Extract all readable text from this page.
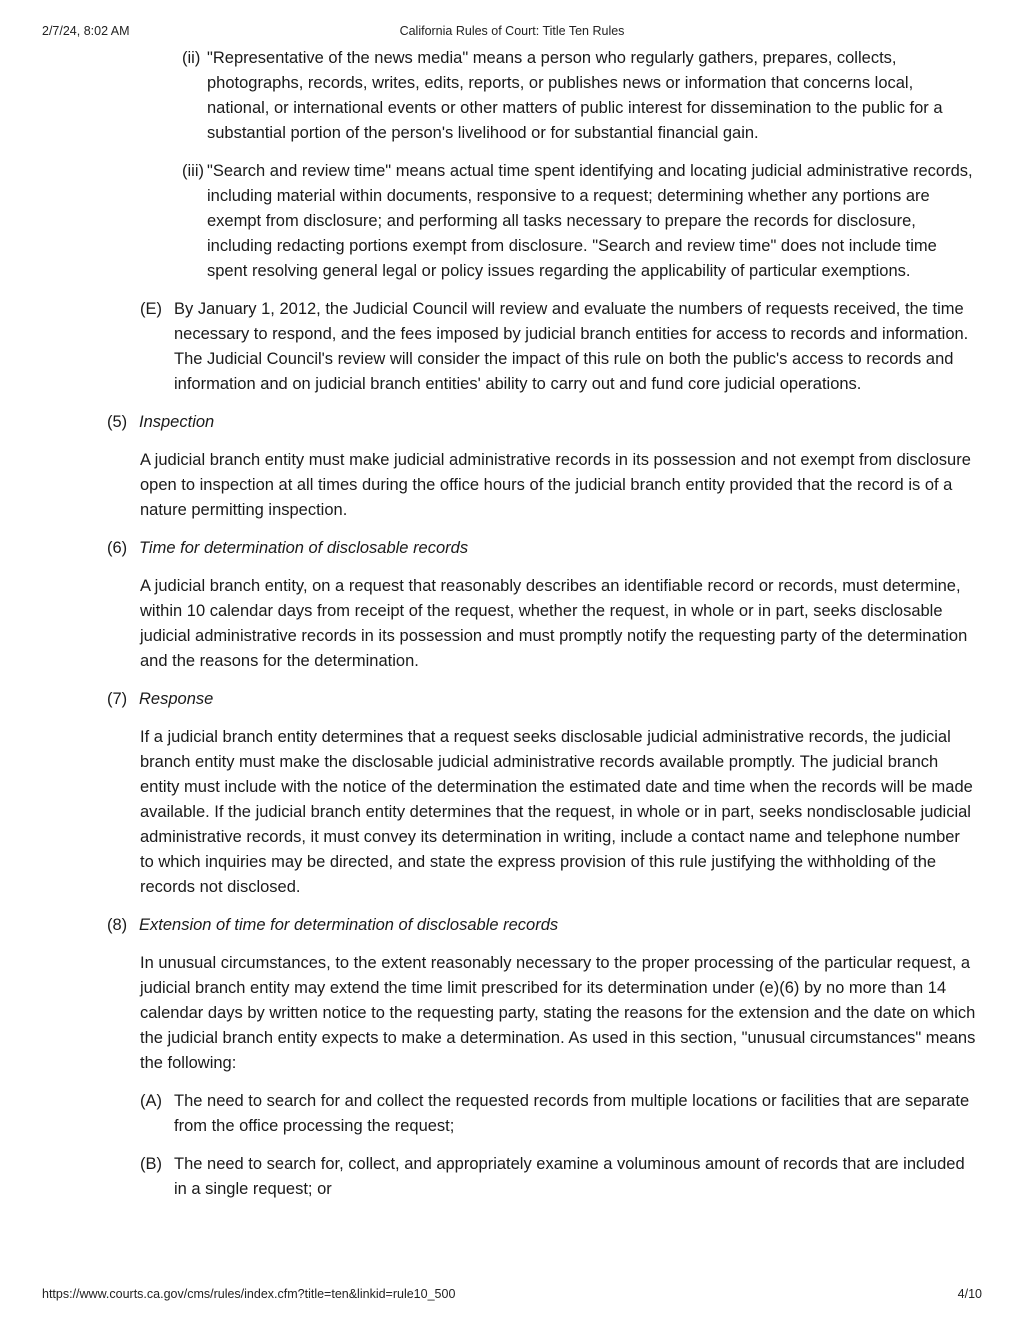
2/7/24, 8:02 AM	California Rules of Court: Title Ten Rules
(ii) "Representative of the news media" means a person who regularly gathers, prepares, collects, photographs, records, writes, edits, reports, or publishes news or information that concerns local, national, or international events or other matters of public interest for dissemination to the public for a substantial portion of the person's livelihood or for substantial financial gain.
(iii) "Search and review time" means actual time spent identifying and locating judicial administrative records, including material within documents, responsive to a request; determining whether any portions are exempt from disclosure; and performing all tasks necessary to prepare the records for disclosure, including redacting portions exempt from disclosure. "Search and review time" does not include time spent resolving general legal or policy issues regarding the applicability of particular exemptions.
(E) By January 1, 2012, the Judicial Council will review and evaluate the numbers of requests received, the time necessary to respond, and the fees imposed by judicial branch entities for access to records and information. The Judicial Council's review will consider the impact of this rule on both the public's access to records and information and on judicial branch entities' ability to carry out and fund core judicial operations.
(5) Inspection
A judicial branch entity must make judicial administrative records in its possession and not exempt from disclosure open to inspection at all times during the office hours of the judicial branch entity provided that the record is of a nature permitting inspection.
(6) Time for determination of disclosable records
A judicial branch entity, on a request that reasonably describes an identifiable record or records, must determine, within 10 calendar days from receipt of the request, whether the request, in whole or in part, seeks disclosable judicial administrative records in its possession and must promptly notify the requesting party of the determination and the reasons for the determination.
(7) Response
If a judicial branch entity determines that a request seeks disclosable judicial administrative records, the judicial branch entity must make the disclosable judicial administrative records available promptly. The judicial branch entity must include with the notice of the determination the estimated date and time when the records will be made available. If the judicial branch entity determines that the request, in whole or in part, seeks nondisclosable judicial administrative records, it must convey its determination in writing, include a contact name and telephone number to which inquiries may be directed, and state the express provision of this rule justifying the withholding of the records not disclosed.
(8) Extension of time for determination of disclosable records
In unusual circumstances, to the extent reasonably necessary to the proper processing of the particular request, a judicial branch entity may extend the time limit prescribed for its determination under (e)(6) by no more than 14 calendar days by written notice to the requesting party, stating the reasons for the extension and the date on which the judicial branch entity expects to make a determination. As used in this section, "unusual circumstances" means the following:
(A) The need to search for and collect the requested records from multiple locations or facilities that are separate from the office processing the request;
(B) The need to search for, collect, and appropriately examine a voluminous amount of records that are included in a single request; or
https://www.courts.ca.gov/cms/rules/index.cfm?title=ten&linkid=rule10_500	4/10
